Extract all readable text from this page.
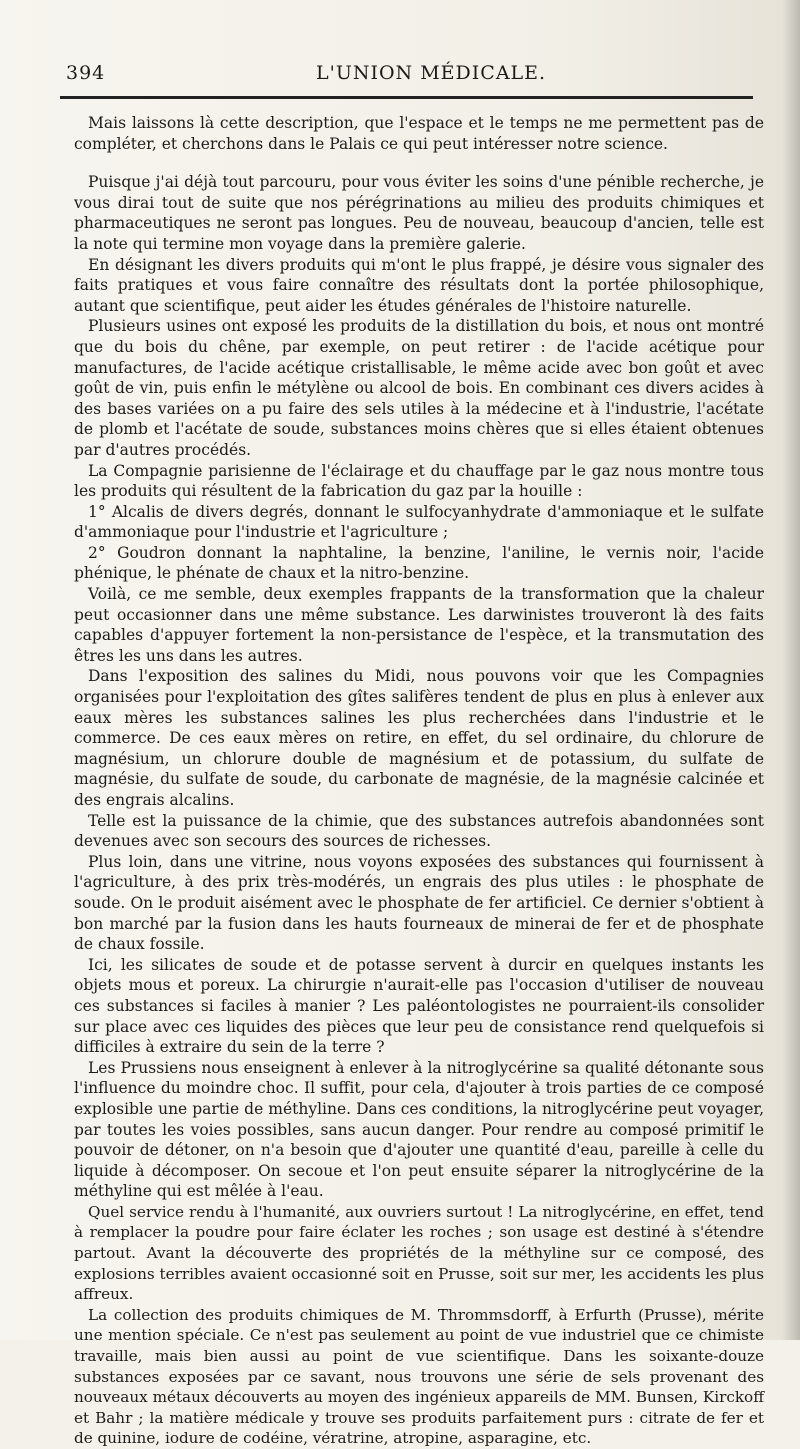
394	L'UNION MÉDICALE.

Mais laissons là cette description, que l'espace et le temps ne me permettent pas de compléter, et cherchons dans le Palais ce qui peut intéresser notre science.

Puisque j'ai déjà tout parcouru, pour vous éviter les soins d'une pénible recherche, je vous dirai tout de suite que nos pérégrinations au milieu des produits chimiques et pharmaceutiques ne seront pas longues. Peu de nouveau, beaucoup d'ancien, telle est la note qui termine mon voyage dans la première galerie.

En désignant les divers produits qui m'ont le plus frappé, je désire vous signaler des faits pratiques et vous faire connaître des résultats dont la portée philosophique, autant que scientifique, peut aider les études générales de l'histoire naturelle.

Plusieurs usines ont exposé les produits de la distillation du bois, et nous ont montré que du bois du chêne, par exemple, on peut retirer : de l'acide acétique pour manufactures, de l'acide acétique cristallisable, le même acide avec bon goût et avec goût de vin, puis enfin le métylène ou alcool de bois. En combinant ces divers acides à des bases variées on a pu faire des sels utiles à la médecine et à l'industrie, l'acétate de plomb et l'acétate de soude, substances moins chères que si elles étaient obtenues par d'autres procédés.

La Compagnie parisienne de l'éclairage et du chauffage par le gaz nous montre tous les produits qui résultent de la fabrication du gaz par la houille :

1° Alcalis de divers degrés, donnant le sulfocyanhydrate d'ammoniaque et le sulfate d'ammoniaque pour l'industrie et l'agriculture ;

2° Goudron donnant la naphtaline, la benzine, l'aniline, le vernis noir, l'acide phénique, le phénate de chaux et la nitro-benzine.

Voilà, ce me semble, deux exemples frappants de la transformation que la chaleur peut occasionner dans une même substance. Les darwinistes trouveront là des faits capables d'appuyer fortement la non-persistance de l'espèce, et la transmutation des êtres les uns dans les autres.

Dans l'exposition des salines du Midi, nous pouvons voir que les Compagnies organisées pour l'exploitation des gîtes salifères tendent de plus en plus à enlever aux eaux mères les substances salines les plus recherchées dans l'industrie et le commerce. De ces eaux mères on retire, en effet, du sel ordinaire, du chlorure de magnésium, un chlorure double de magnésium et de potassium, du sulfate de magnésie, du sulfate de soude, du carbonate de magnésie, de la magnésie calcinée et des engrais alcalins.

Telle est la puissance de la chimie, que des substances autrefois abandonnées sont devenues avec son secours des sources de richesses.

Plus loin, dans une vitrine, nous voyons exposées des substances qui fournissent à l'agriculture, à des prix très-modérés, un engrais des plus utiles : le phosphate de soude. On le produit aisément avec le phosphate de fer artificiel. Ce dernier s'obtient à bon marché par la fusion dans les hauts fourneaux de minerai de fer et de phosphate de chaux fossile.

Ici, les silicates de soude et de potasse servent à durcir en quelques instants les objets mous et poreux. La chirurgie n'aurait-elle pas l'occasion d'utiliser de nouveau ces substances si faciles à manier ? Les paléontologistes ne pourraient-ils consolider sur place avec ces liquides des pièces que leur peu de consistance rend quelquefois si difficiles à extraire du sein de la terre ?

Les Prussiens nous enseignent à enlever à la nitroglycérine sa qualité détonante sous l'influence du moindre choc. Il suffit, pour cela, d'ajouter à trois parties de ce composé explosible une partie de méthyline. Dans ces conditions, la nitroglycérine peut voyager, par toutes les voies possibles, sans aucun danger. Pour rendre au composé primitif le pouvoir de détoner, on n'a besoin que d'ajouter une quantité d'eau, pareille à celle du liquide à décomposer. On secoue et l'on peut ensuite séparer la nitroglycérine de la méthyline qui est mêlée à l'eau.

Quel service rendu à l'humanité, aux ouvriers surtout ! La nitroglycérine, en effet, tend à remplacer la poudre pour faire éclater les roches ; son usage est destiné à s'étendre partout. Avant la découverte des propriétés de la méthyline sur ce composé, des explosions terribles avaient occasionné soit en Prusse, soit sur mer, les accidents les plus affreux.

La collection des produits chimiques de M. Thrommsdorff, à Erfurth (Prusse), mérite une mention spéciale. Ce n'est pas seulement au point de vue industriel que ce chimiste travaille, mais bien aussi au point de vue scientifique. Dans les soixante-douze substances exposées par ce savant, nous trouvons une série de sels provenant des nouveaux métaux découverts au moyen des ingénieux appareils de MM. Bunsen, Kirckoff et Bahr ; la matière médicale y trouve ses produits parfaitement purs : citrate de fer et de quinine, iodure de codéine, vératrine, atropine, asparagine, etc.
